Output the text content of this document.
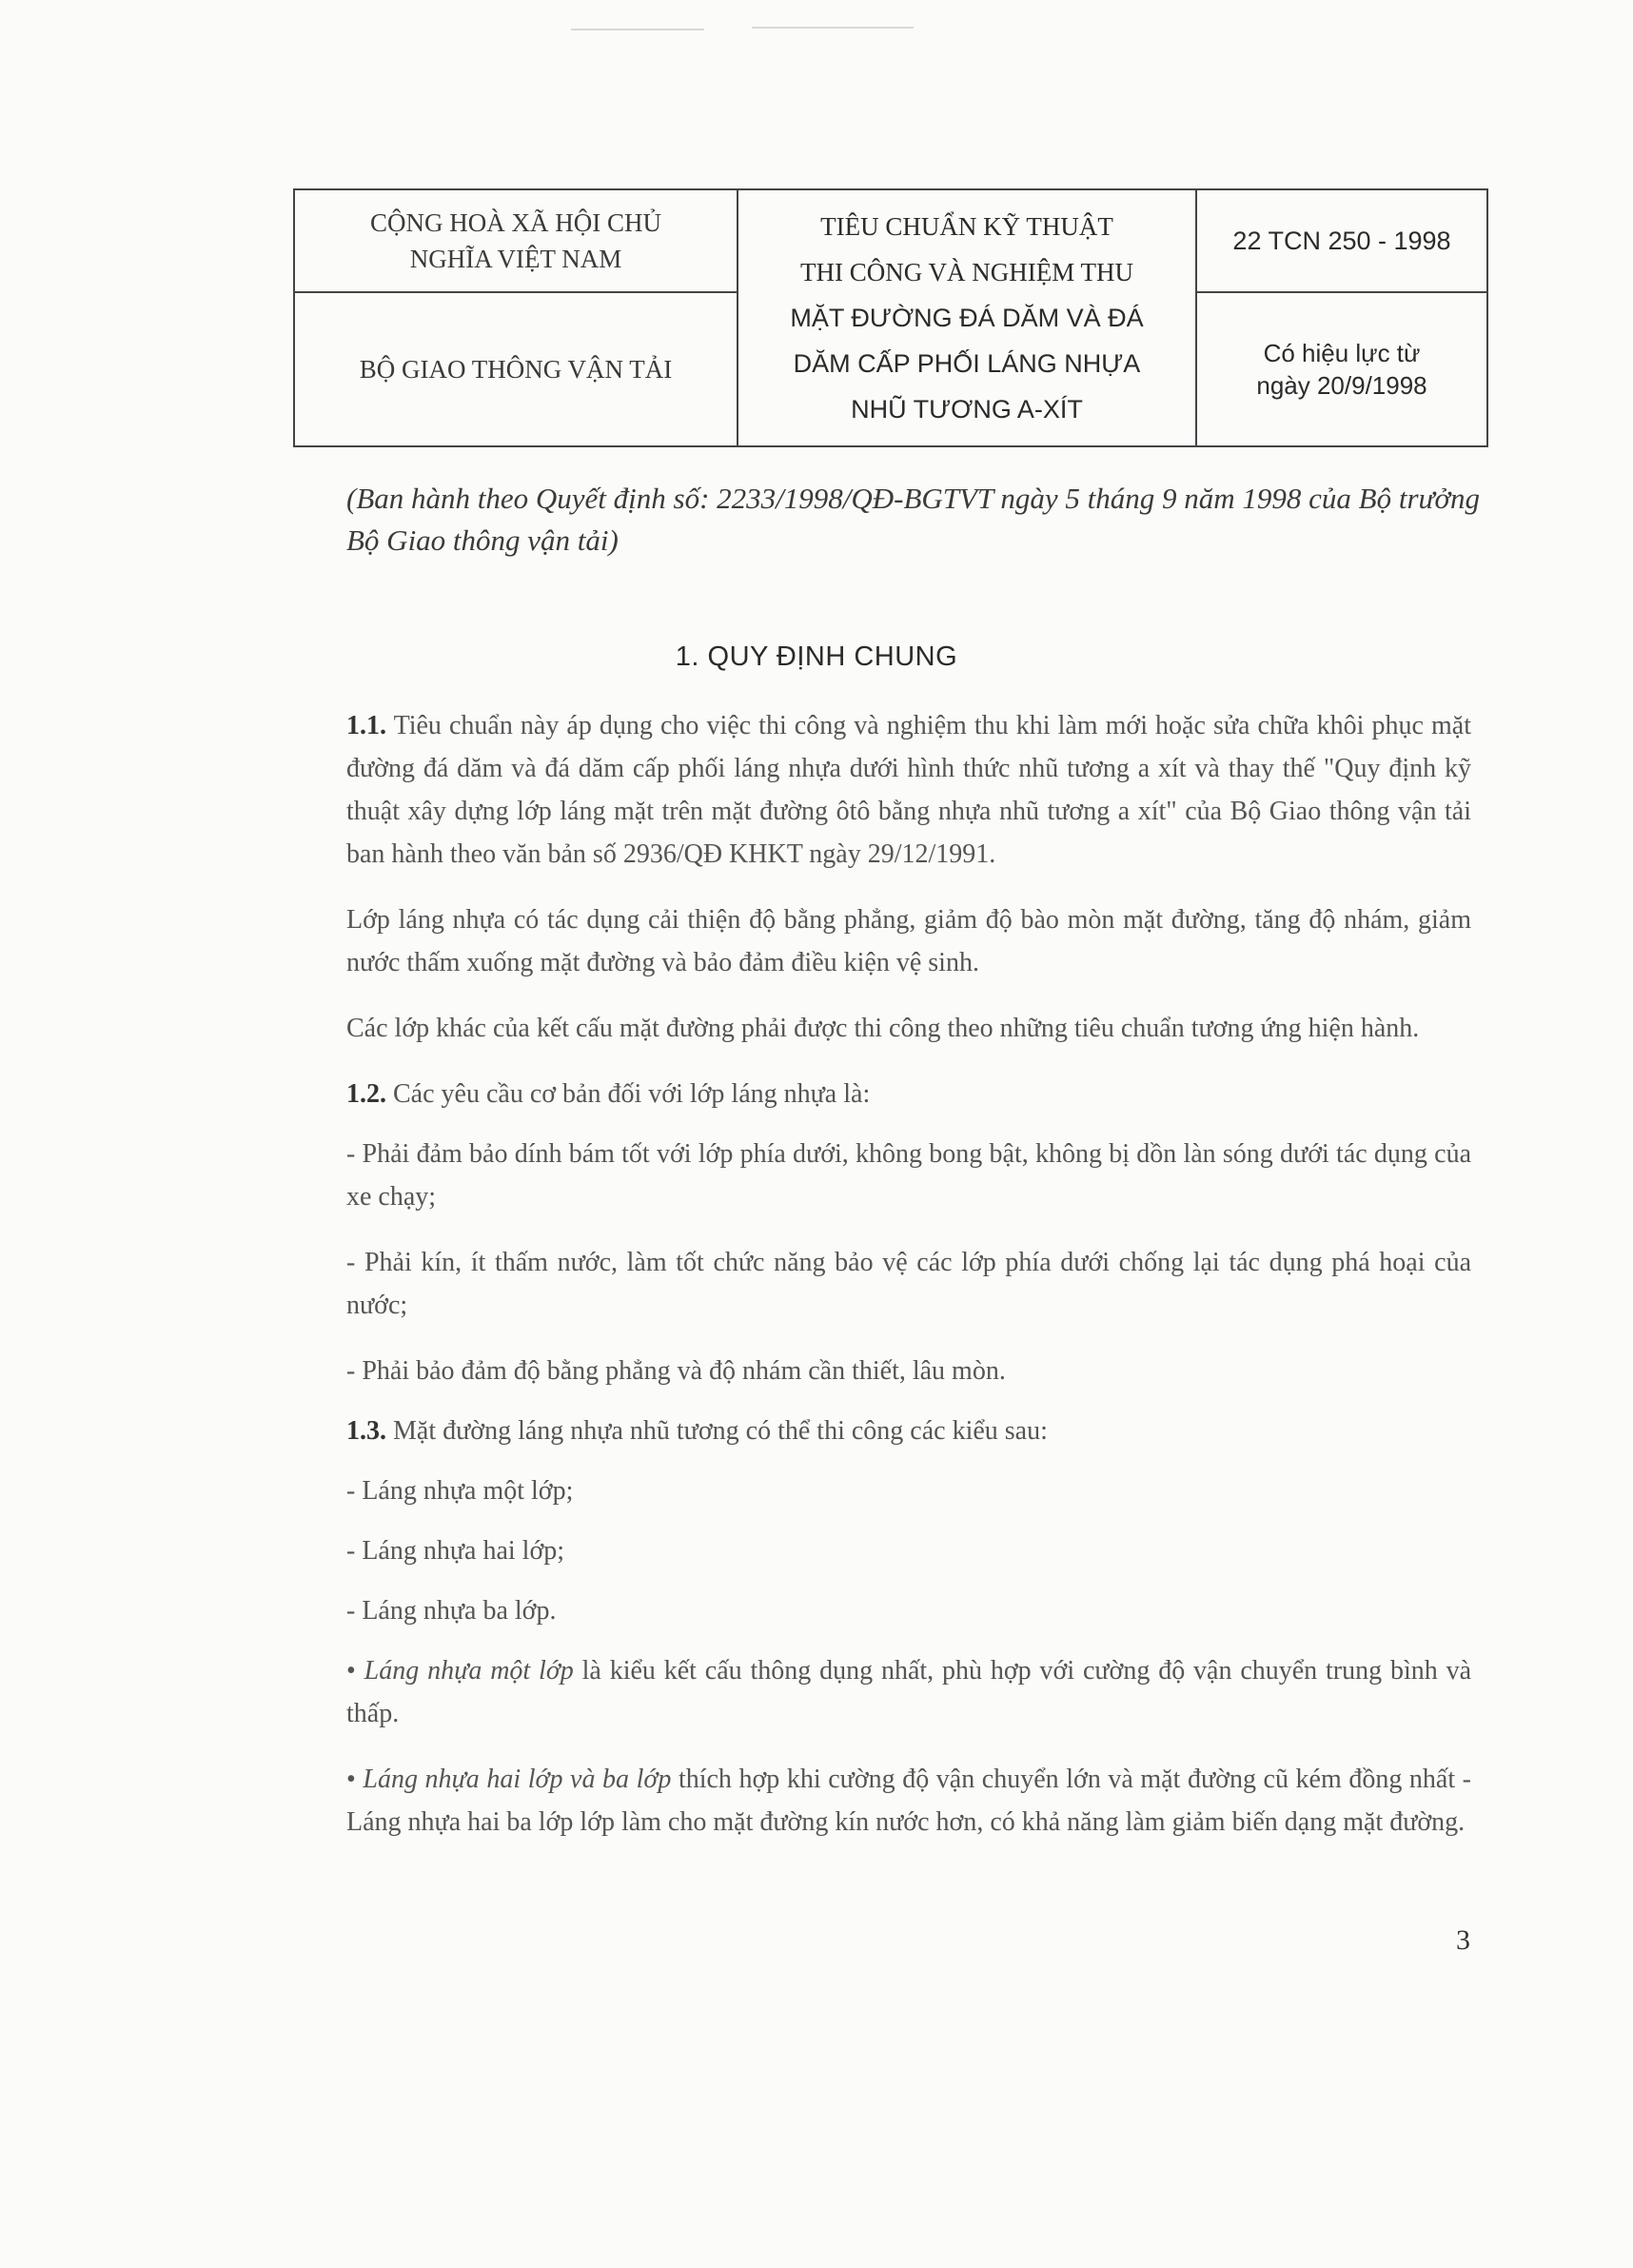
CỘNG HOÀ XÃ HỘI CHỦ NGHĨA VIỆT NAM
BỘ GIAO THÔNG VẬN TẢI
TIÊU CHUẨN KỸ THUẬT
THI CÔNG VÀ NGHIỆM THU
MẶT ĐƯỜNG ĐÁ DĂM VÀ ĐÁ
DĂM CẤP PHỐI LÁNG NHỰA
NHŨ TƯƠNG A-XÍT
22 TCN 250 - 1998
Có hiệu lực từ
ngày 20/9/1998
(Ban hành theo Quyết định số: 2233/1998/QĐ-BGTVT ngày 5 tháng 9 năm 1998 của Bộ trưởng Bộ Giao thông vận tải)
1. QUY ĐỊNH CHUNG

1.1. Tiêu chuẩn này áp dụng cho việc thi công và nghiệm thu khi làm mới hoặc sửa chữa khôi phục mặt đường đá dăm và đá dăm cấp phối láng nhựa dưới hình thức nhũ tương a xít và thay thế "Quy định kỹ thuật xây dựng lớp láng mặt trên mặt đường ôtô bằng nhựa nhũ tương a xít" của Bộ Giao thông vận tải ban hành theo văn bản số 2936/QĐ KHKT ngày 29/12/1991.

Lớp láng nhựa có tác dụng cải thiện độ bằng phẳng, giảm độ bào mòn mặt đường, tăng độ nhám, giảm nước thấm xuống mặt đường và bảo đảm điều kiện vệ sinh.

Các lớp khác của kết cấu mặt đường phải được thi công theo những tiêu chuẩn tương ứng hiện hành.

1.2. Các yêu cầu cơ bản đối với lớp láng nhựa là:

- Phải đảm bảo dính bám tốt với lớp phía dưới, không bong bật, không bị dồn làn sóng dưới tác dụng của xe chạy;

- Phải kín, ít thấm nước, làm tốt chức năng bảo vệ các lớp phía dưới chống lại tác dụng phá hoại của nước;

- Phải bảo đảm độ bằng phẳng và độ nhám cần thiết, lâu mòn.

1.3. Mặt đường láng nhựa nhũ tương có thể thi công các kiểu sau:

- Láng nhựa một lớp;

- Láng nhựa hai lớp;

- Láng nhựa ba lớp.

• Láng nhựa một lớp là kiểu kết cấu thông dụng nhất, phù hợp với cường độ vận chuyển trung bình và thấp.

• Láng nhựa hai lớp và ba lớp thích hợp khi cường độ vận chuyển lớn và mặt đường cũ kém đồng nhất - Láng nhựa hai ba lớp lớp làm cho mặt đường kín nước hơn, có khả năng làm giảm biến dạng mặt đường.

3
